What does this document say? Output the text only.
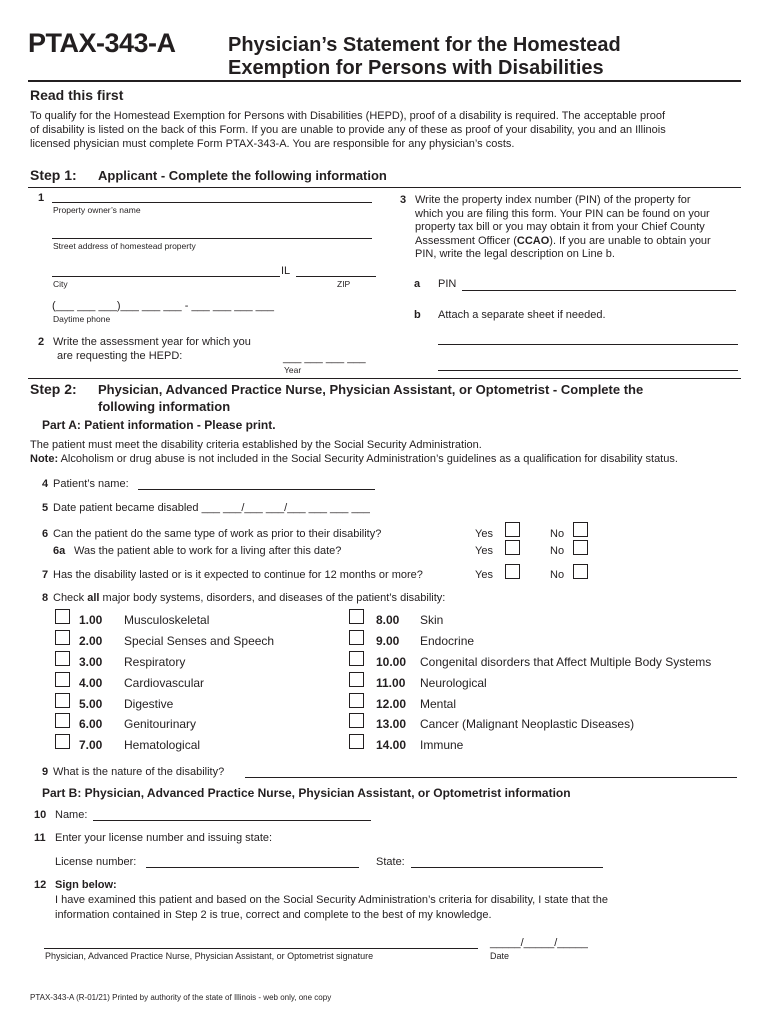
PTAX-343-A	Physician’s Statement for the Homestead
Exemption for Persons with Disabilities
Read this first
To qualify for the Homestead Exemption for Persons with Disabilities (HEPD), proof of a disability is required. The acceptable proof
of disability is listed on the back of this Form. If you are unable to provide any of these as proof of your disability, you and an Illinois
licensed physician must complete Form PTAX-343-A. You are responsible for any physician’s costs.
Step 1: Applicant - Complete the following information
1
Property owner’s name
Street address of homestead property
IL
City	ZIP
(___ ___ ___)___ ___ ___ - ___ ___ ___ ___
Daytime phone
2 Write the assessment year for which you
are requesting the HEPD:	___ ___ ___ ___
Year
3 Write the property index number (PIN) of the property for
which you are filing this form. Your PIN can be found on your
property tax bill or you may obtain it from your Chief County
Assessment Officer (CCAO). If you are unable to obtain your
PIN, write the legal description on Line b.
a PIN
b Attach a separate sheet if needed.
Step 2: Physician, Advanced Practice Nurse, Physician Assistant, or Optometrist - Complete the
following information
Part A: Patient information - Please print.
The patient must meet the disability criteria established by the Social Security Administration.
Note: Alcoholism or drug abuse is not included in the Social Security Administration’s guidelines as a qualification for disability status.
4 Patient’s name:
5 Date patient became disabled ___ ___/___ ___/___ ___ ___ ___
6 Can the patient do the same type of work as prior to their disability?	Yes	No
6a Was the patient able to work for a living after this date?	Yes	No
7 Has the disability lasted or is it expected to continue for 12 months or more?	Yes	No
8 Check all major body systems, disorders, and diseases of the patient’s disability:
1.00 Musculoskeletal
2.00 Special Senses and Speech
3.00 Respiratory
4.00 Cardiovascular
5.00 Digestive
6.00 Genitourinary
7.00 Hematological
8.00 Skin
9.00 Endocrine
10.00 Congenital disorders that Affect Multiple Body Systems
11.00 Neurological
12.00 Mental
13.00 Cancer (Malignant Neoplastic Diseases)
14.00 Immune
9 What is the nature of the disability?
Part B: Physician, Advanced Practice Nurse, Physician Assistant, or Optometrist information
10 Name:
11 Enter your license number and issuing state:
License number:	State:
12 Sign below:
I have examined this patient and based on the Social Security Administration’s criteria for disability, I state that the
information contained in Step 2 is true, correct and complete to the best of my knowledge.
_____/_____/_____
Physician, Advanced Practice Nurse, Physician Assistant, or Optometrist signature	Date
PTAX-343-A (R-01/21) Printed by authority of the state of Illinois - web only, one copy
